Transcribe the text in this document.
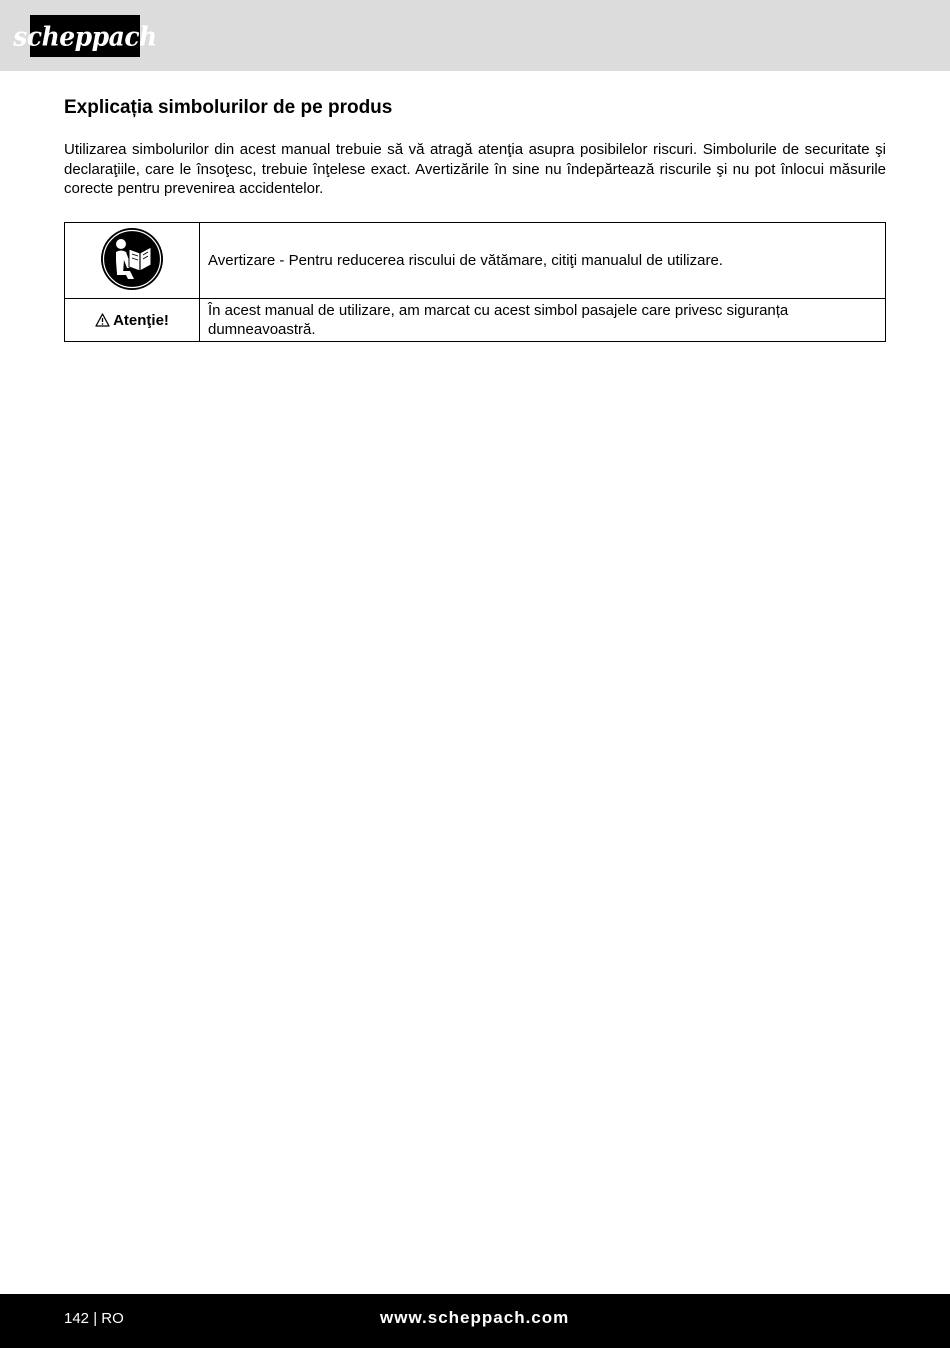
scheppach
Explicația simbolurilor de pe produs

Utilizarea simbolurilor din acest manual trebuie să vă atragă atenţia asupra posibilelor riscuri. Simbolurile de securitate şi declaraţiile, care le însoţesc, trebuie înţelese exact. Avertizările în sine nu îndepărtează riscurile şi nu pot înlocui măsurile corecte pentru prevenirea accidentelor.

	Avertizare - Pentru reducerea riscului de vătămare, citiţi manualul de utilizare.
Atenţie!	În acest manual de utilizare, am marcat cu acest simbol pasajele care privesc siguranța dumneavoastră.
142 | RO	www.scheppach.com
